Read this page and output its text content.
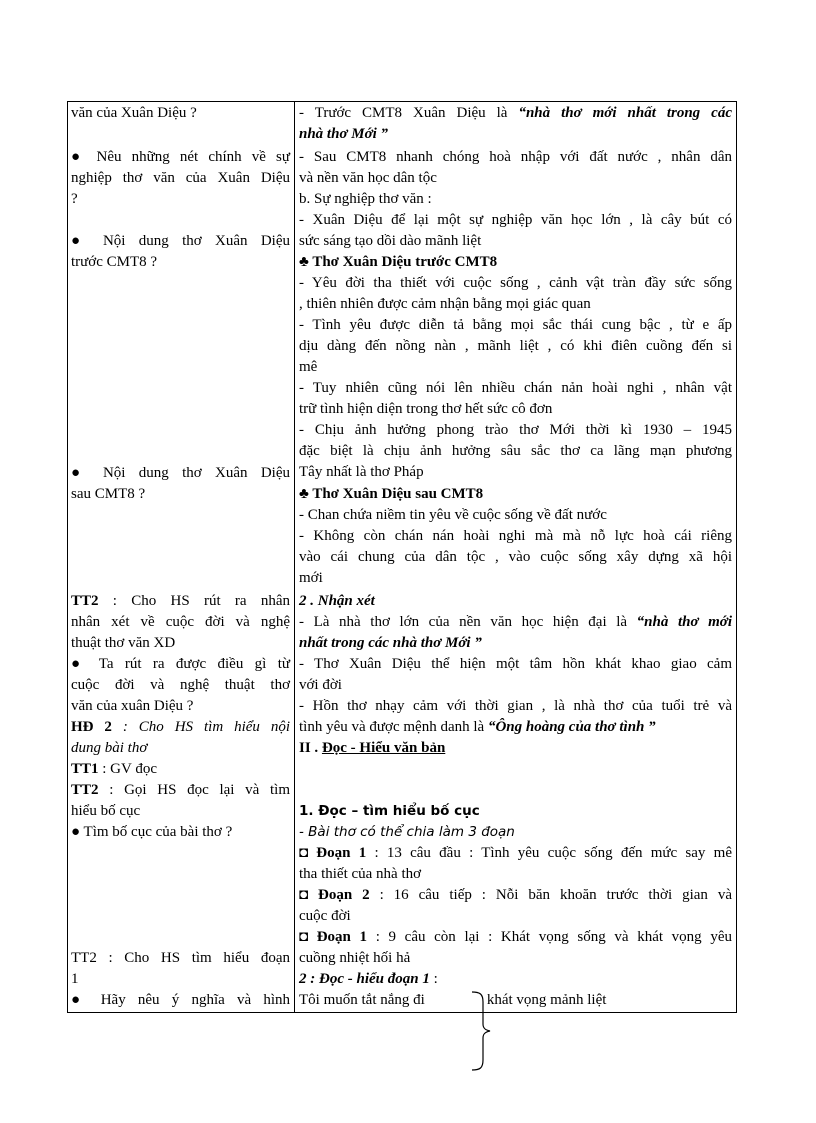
văn của Xuân Diệu ?
● Nêu những nét chính về sự
nghiệp thơ văn của Xuân Diệu
?
● Nội dung thơ Xuân Diệu
trước CMT8 ?
● Nội dung thơ Xuân Diệu
sau CMT8 ?
TT2 : Cho HS rút ra nhân
nhân xét về cuộc đời và nghệ
thuật thơ văn XD
● Ta rút ra được điều gì từ
cuộc đời và nghệ thuật thơ
văn của xuân Diệu ?
HĐ 2 : Cho HS tìm hiểu nội
dung bài thơ
TT1 : GV đọc
TT2 : Gọi HS đọc lại và tìm
hiểu bố cục
● Tìm bố cục của bài thơ ?
TT2 : Cho HS tìm hiểu đoạn
1
● Hãy nêu ý nghĩa và hình
- Trước CMT8 Xuân Diệu là “nhà thơ mới nhất trong các
nhà thơ Mới ”
- Sau CMT8 nhanh chóng hoà nhập với đất nước , nhân dân
và nền văn học dân tộc
b. Sự nghiệp thơ văn :
- Xuân Diệu để lại một sự nghiệp văn học lớn , là cây bút có
sức sáng tạo dồi dào mãnh liệt
♣ Thơ Xuân Diệu trước CMT8
- Yêu đời tha thiết với cuộc sống , cảnh vật tràn đầy sức sống
, thiên nhiên được cảm nhận bằng mọi giác quan
- Tình yêu được diễn tả bằng mọi sắc thái cung bậc , từ e ấp
dịu dàng đến nồng nàn , mãnh liệt , có khi điên cuồng đến si
mê
- Tuy nhiên cũng nói lên nhiều chán nản hoài nghi , nhân vật
trữ tình hiện diện trong thơ hết sức cô đơn
- Chịu ảnh hưởng phong trào thơ Mới thời kì 1930 – 1945
đặc biệt là chịu ảnh hưởng sâu sắc thơ ca lãng mạn phương
Tây nhất là thơ Pháp
♣ Thơ Xuân Diệu sau CMT8
- Chan chứa niềm tin yêu về cuộc sống về đất nước
- Không còn chán nán hoài nghi mà mà nỗ lực hoà cái riêng
vào cái chung của dân tộc , vào cuộc sống xây dựng xã hội
mới
2 . Nhận xét
- Là nhà thơ lớn của nền văn học hiện đại là “nhà thơ mới
nhất trong các nhà thơ Mới ”
- Thơ Xuân Diệu thể hiện một tâm hồn khát khao giao cảm
với đời
- Hồn thơ nhạy cảm với thời gian , là nhà thơ của tuổi trẻ và
tình yêu và được mệnh danh là “Ông hoàng của thơ tình ”
II . Đọc - Hiểu văn bản
1. Đọc – tìm hiểu bố cục
- Bài thơ có thể chia làm 3 đoạn
◘ Đoạn 1 : 13 câu đầu : Tình yêu cuộc sống đến mức say mê
tha thiết của nhà thơ
◘ Đoạn 2 : 16 câu tiếp : Nỗi băn khoăn trước thời gian và
cuộc đời
◘ Đoạn 1 : 9 câu còn lại : Khát vọng sống và khát vọng yêu
cuồng nhiệt hối hả
2 : Đọc - hiểu đoạn 1 :
Tôi muốn tắt nắng đi	khát vọng mảnh liệt
